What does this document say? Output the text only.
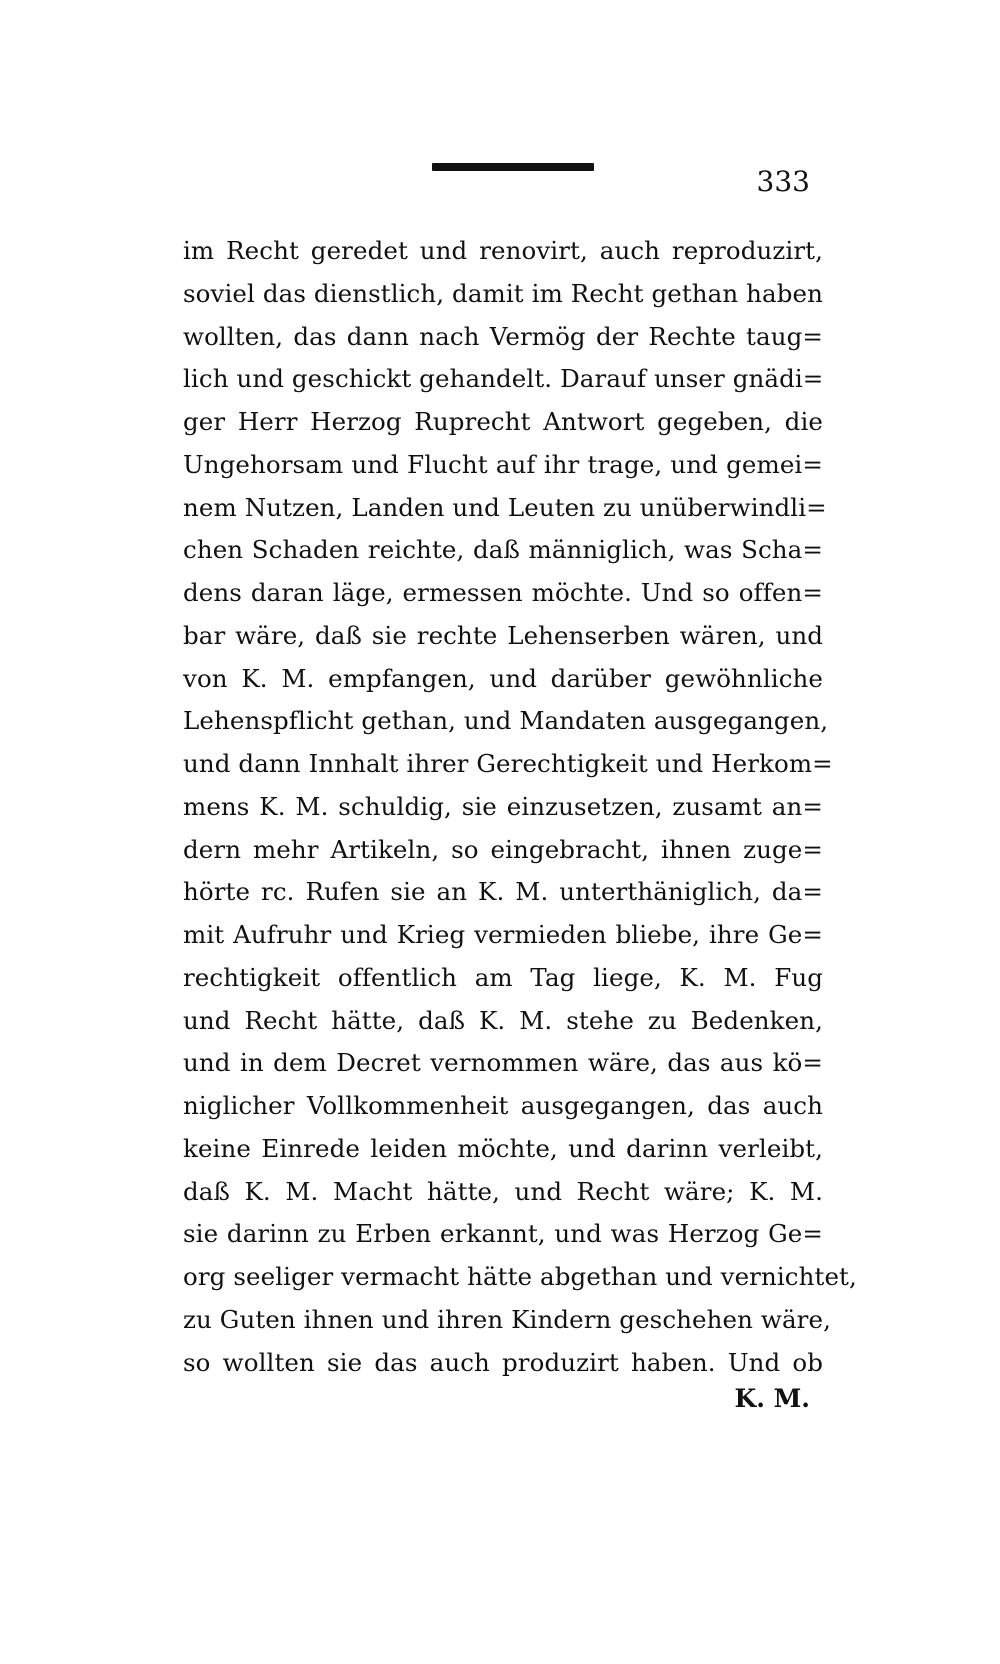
333
im Recht geredet und renovirt, auch reproduzirt,
soviel das dienstlich, damit im Recht gethan haben
wollten, das dann nach Vermög der Rechte taug=
lich und geschickt gehandelt. Darauf unser gnädi=
ger Herr Herzog Ruprecht Antwort gegeben, die
Ungehorsam und Flucht auf ihr trage, und gemei=
nem Nutzen, Landen und Leuten zu unüberwindli=
chen Schaden reichte, daß männiglich, was Scha=
dens daran läge, ermessen möchte. Und so offen=
bar wäre, daß sie rechte Lehenserben wären, und
von K. M. empfangen, und darüber gewöhnliche
Lehenspflicht gethan, und Mandaten ausgegangen,
und dann Innhalt ihrer Gerechtigkeit und Herkom=
mens K. M. schuldig, sie einzusetzen, zusamt an=
dern mehr Artikeln, so eingebracht, ihnen zuge=
hörte rc. Rufen sie an K. M. unterthäniglich, da=
mit Aufruhr und Krieg vermieden bliebe, ihre Ge=
rechtigkeit offentlich am Tag liege, K. M. Fug
und Recht hätte, daß K. M. stehe zu Bedenken,
und in dem Decret vernommen wäre, das aus kö=
niglicher Vollkommenheit ausgegangen, das auch
keine Einrede leiden möchte, und darinn verleibt,
daß K. M. Macht hätte, und Recht wäre; K. M.
sie darinn zu Erben erkannt, und was Herzog Ge=
org seeliger vermacht hätte abgethan und vernichtet,
zu Guten ihnen und ihren Kindern geschehen wäre,
so wollten sie das auch produzirt haben. Und ob
K. M.
